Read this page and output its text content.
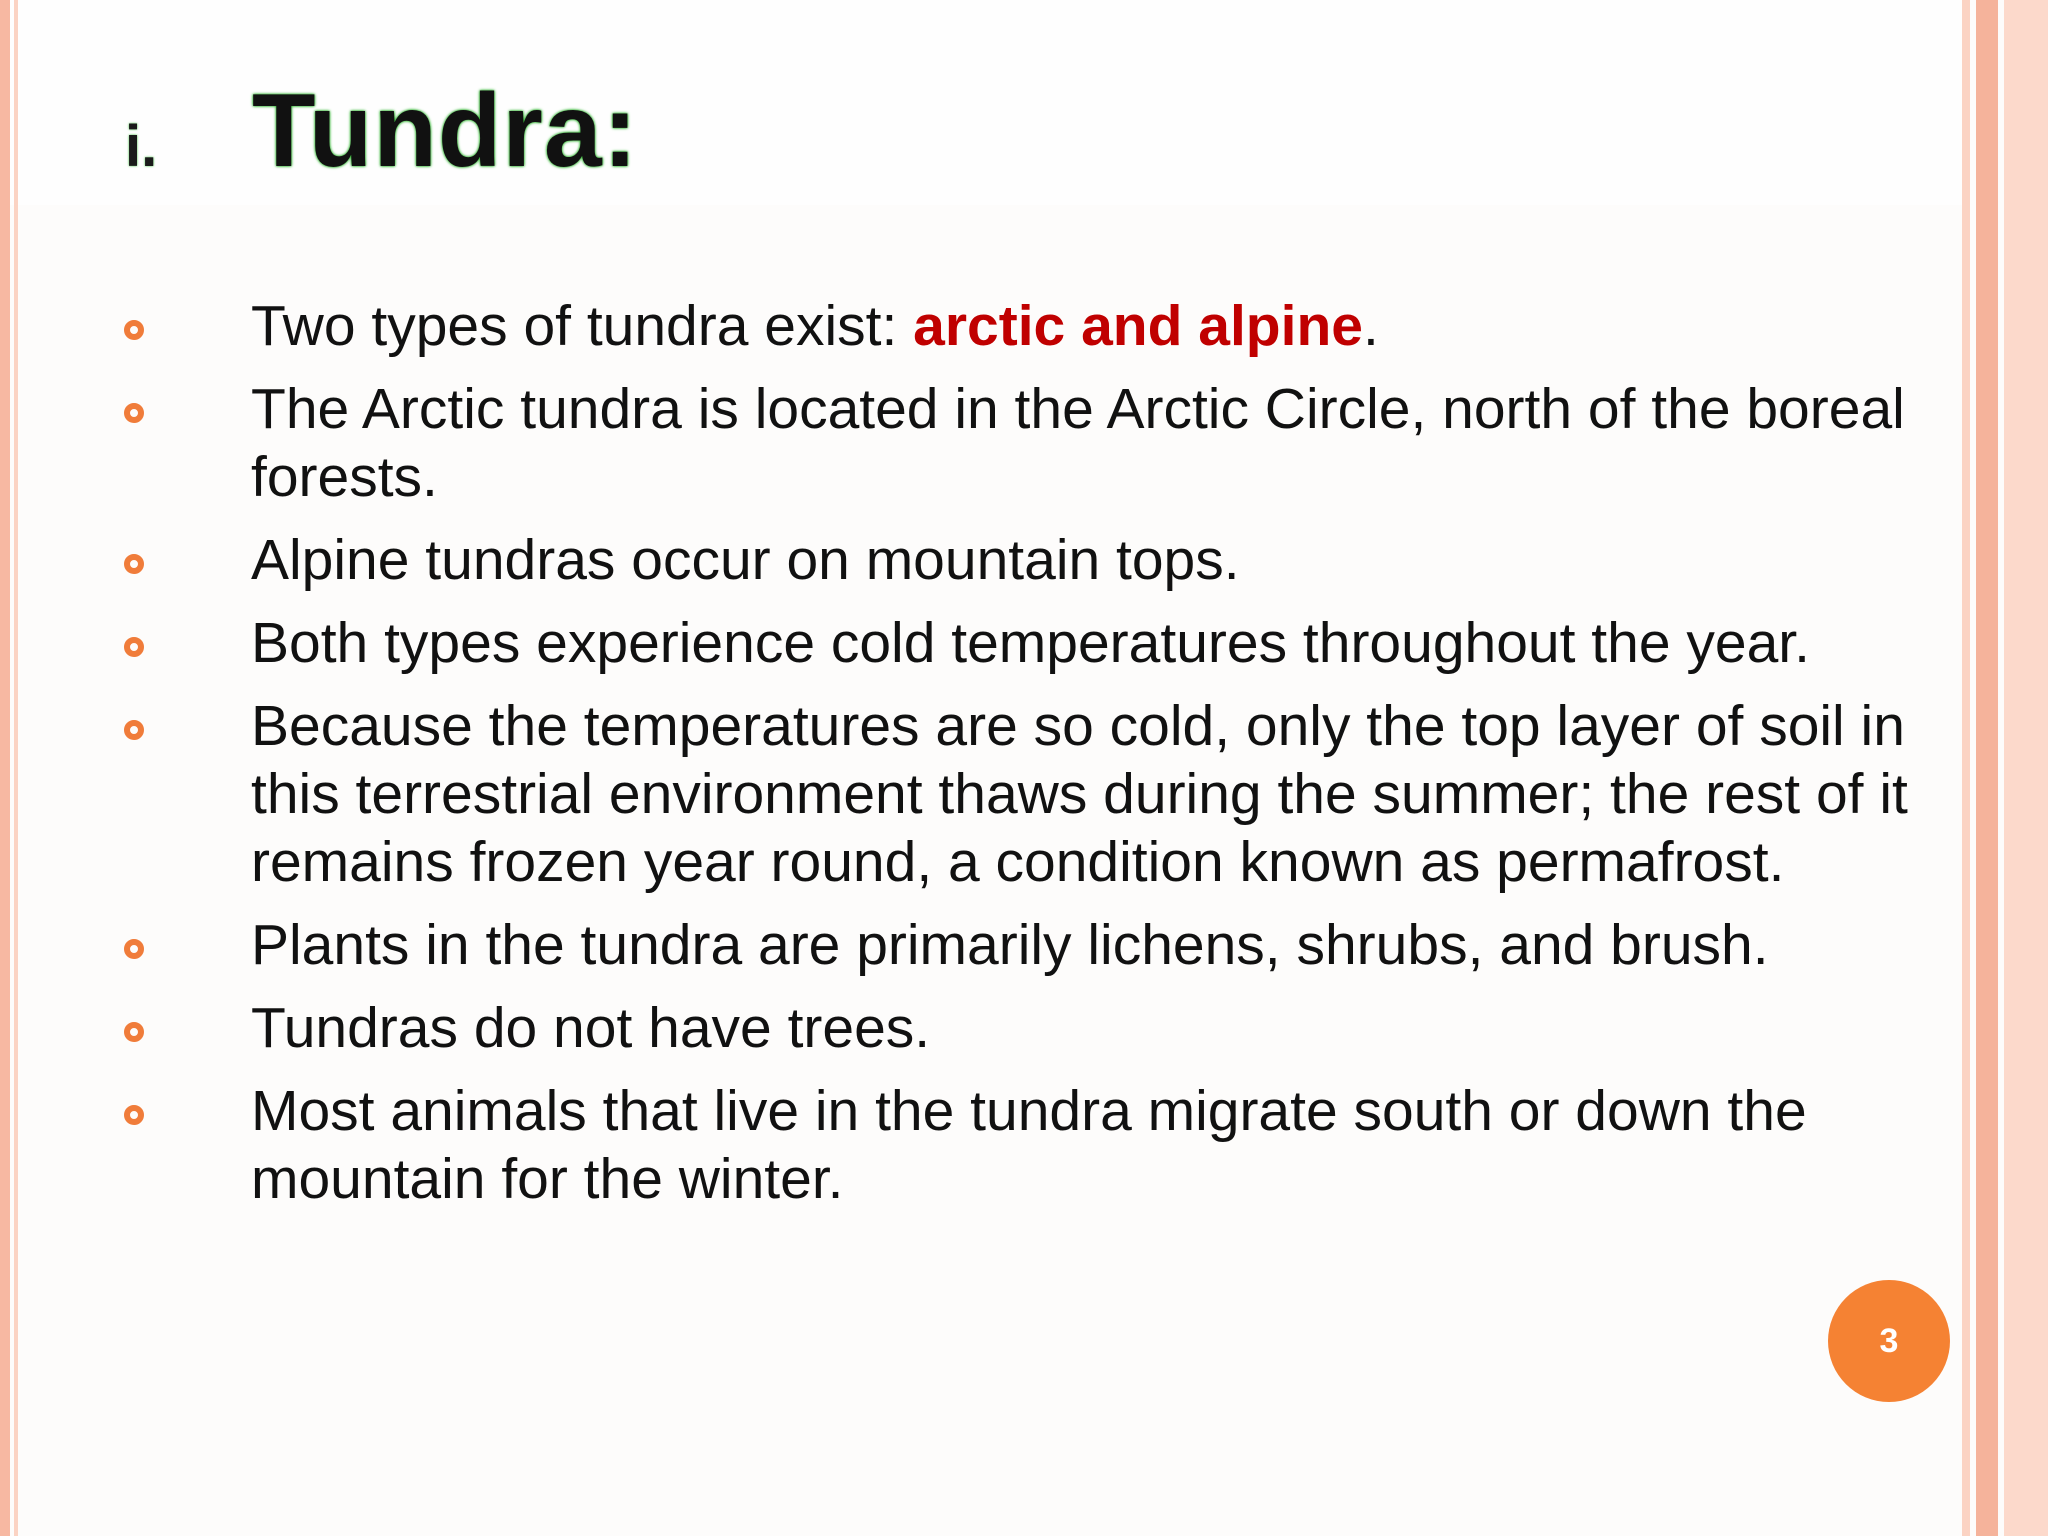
i. Tundra:
Two types of tundra exist: arctic and alpine.
The Arctic tundra is located in the Arctic Circle, north of the boreal forests.
Alpine tundras occur on mountain tops.
Both types experience cold temperatures throughout the year.
Because the temperatures are so cold, only the top layer of soil in this terrestrial environment thaws during the summer; the rest of it remains frozen year round, a condition known as permafrost.
Plants in the tundra are primarily lichens, shrubs, and brush.
Tundras do not have trees.
Most animals that live in the tundra migrate south or down the mountain for the winter.
3
